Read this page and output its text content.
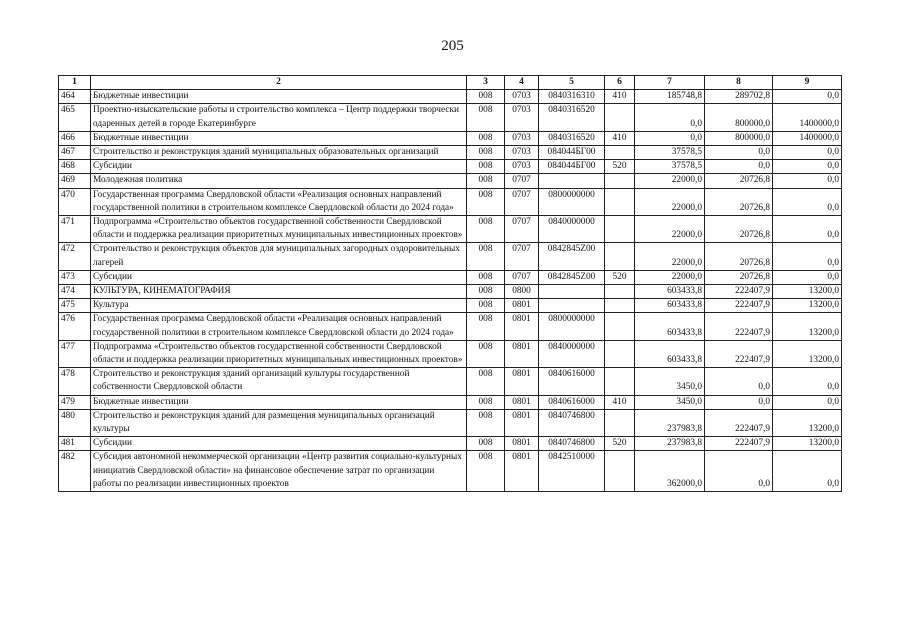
205
1	2	3	4	5	6	7	8	9
464	Бюджетные инвестиции	008	0703	0840316310	410	185748,8	289702,8	0,0
465	Проектно-изыскательские работы и строительство комплекса – Центр поддержки творчески одаренных детей в городе Екатеринбурге	008	0703	0840316520		0,0	800000,0	1400000,0
466	Бюджетные инвестиции	008	0703	0840316520	410	0,0	800000,0	1400000,0
467	Строительство и реконструкция зданий муниципальных образовательных организаций	008	0703	084044БГ00		37578,5	0,0	0,0
468	Субсидии	008	0703	084044БГ00	520	37578,5	0,0	0,0
469	Молодежная политика	008	0707			22000,0	20726,8	0,0
470	Государственная программа Свердловской области «Реализация основных направлений государственной политики в строительном комплексе Свердловской области до 2024 года»	008	0707	0800000000		22000,0	20726,8	0,0
471	Подпрограмма «Строительство объектов государственной собственности Свердловской области и поддержка реализации приоритетных муниципальных инвестиционных проектов»	008	0707	0840000000		22000,0	20726,8	0,0
472	Строительство и реконструкция объектов для муниципальных загородных оздоровительных лагерей	008	0707	0842845Z00		22000,0	20726,8	0,0
473	Субсидии	008	0707	0842845Z00	520	22000,0	20726,8	0,0
474	КУЛЬТУРА, КИНЕМАТОГРАФИЯ	008	0800			603433,8	222407,9	13200,0
475	Культура	008	0801			603433,8	222407,9	13200,0
476	Государственная программа Свердловской области «Реализация основных направлений государственной политики в строительном комплексе Свердловской области до 2024 года»	008	0801	0800000000		603433,8	222407,9	13200,0
477	Подпрограмма «Строительство объектов государственной собственности Свердловской области и поддержка реализации приоритетных муниципальных инвестиционных проектов»	008	0801	0840000000		603433,8	222407,9	13200,0
478	Строительство и реконструкция зданий организаций культуры государственной собственности Свердловской области	008	0801	0840616000		3450,0	0,0	0,0
479	Бюджетные инвестиции	008	0801	0840616000	410	3450,0	0,0	0,0
480	Строительство и реконструкция зданий для размещения муниципальных организаций культуры	008	0801	0840746800		237983,8	222407,9	13200,0
481	Субсидии	008	0801	0840746800	520	237983,8	222407,9	13200,0
482	Субсидия автономной некоммерческой организации «Центр развития социально-культурных инициатив Свердловской области» на финансовое обеспечение затрат по организации работы по реализации инвестиционных проектов	008	0801	0842510000		362000,0	0,0	0,0
